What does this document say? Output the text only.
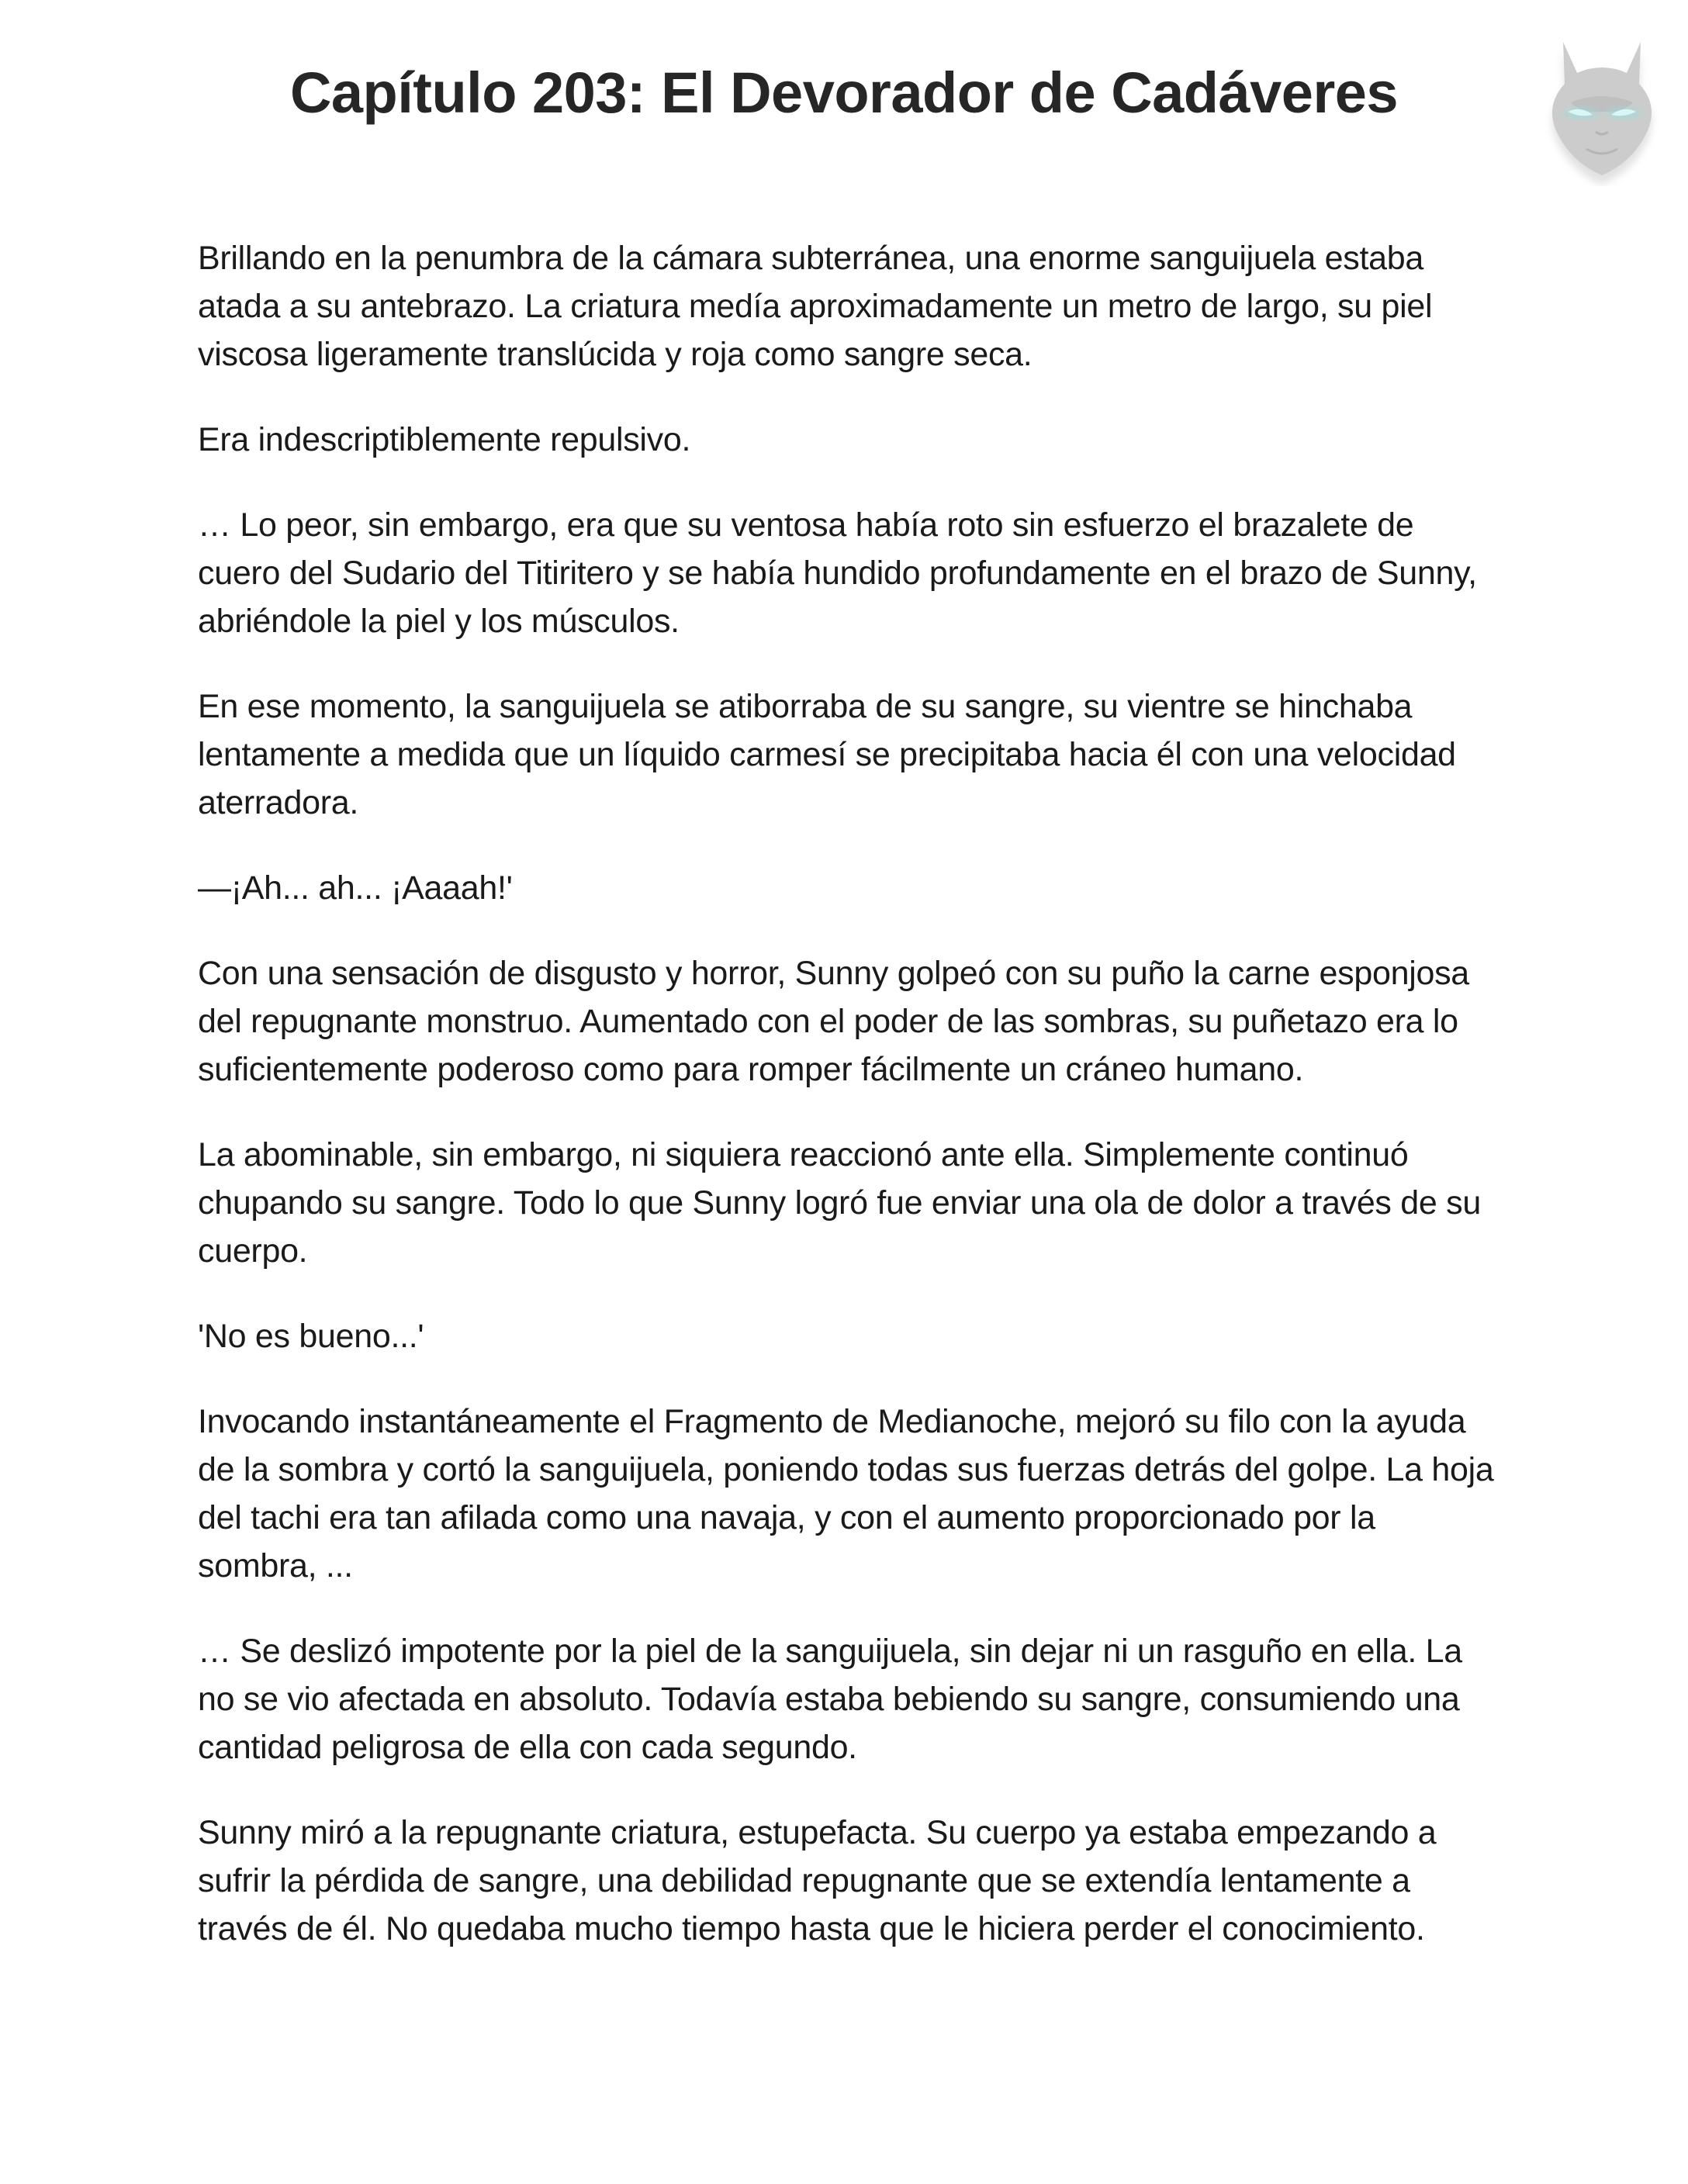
Capítulo 203: El Devorador de Cadáveres

Brillando en la penumbra de la cámara subterránea, una enorme sanguijuela estaba atada a su antebrazo. La criatura medía aproximadamente un metro de largo, su piel viscosa ligeramente translúcida y roja como sangre seca.

Era indescriptiblemente repulsivo.

… Lo peor, sin embargo, era que su ventosa había roto sin esfuerzo el brazalete de cuero del Sudario del Titiritero y se había hundido profundamente en el brazo de Sunny, abriéndole la piel y los músculos.

En ese momento, la sanguijuela se atiborraba de su sangre, su vientre se hinchaba lentamente a medida que un líquido carmesí se precipitaba hacia él con una velocidad aterradora.

—¡Ah... ah... ¡Aaaah!'

Con una sensación de disgusto y horror, Sunny golpeó con su puño la carne esponjosa del repugnante monstruo. Aumentado con el poder de las sombras, su puñetazo era lo suficientemente poderoso como para romper fácilmente un cráneo humano.

La abominable, sin embargo, ni siquiera reaccionó ante ella. Simplemente continuó chupando su sangre. Todo lo que Sunny logró fue enviar una ola de dolor a través de su cuerpo.

'No es bueno...'

Invocando instantáneamente el Fragmento de Medianoche, mejoró su filo con la ayuda de la sombra y cortó la sanguijuela, poniendo todas sus fuerzas detrás del golpe. La hoja del tachi era tan afilada como una navaja, y con el aumento proporcionado por la sombra, ...

… Se deslizó impotente por la piel de la sanguijuela, sin dejar ni un rasguño en ella. La no se vio afectada en absoluto. Todavía estaba bebiendo su sangre, consumiendo una cantidad peligrosa de ella con cada segundo.

Sunny miró a la repugnante criatura, estupefacta. Su cuerpo ya estaba empezando a sufrir la pérdida de sangre, una debilidad repugnante que se extendía lentamente a través de él. No quedaba mucho tiempo hasta que le hiciera perder el conocimiento.
